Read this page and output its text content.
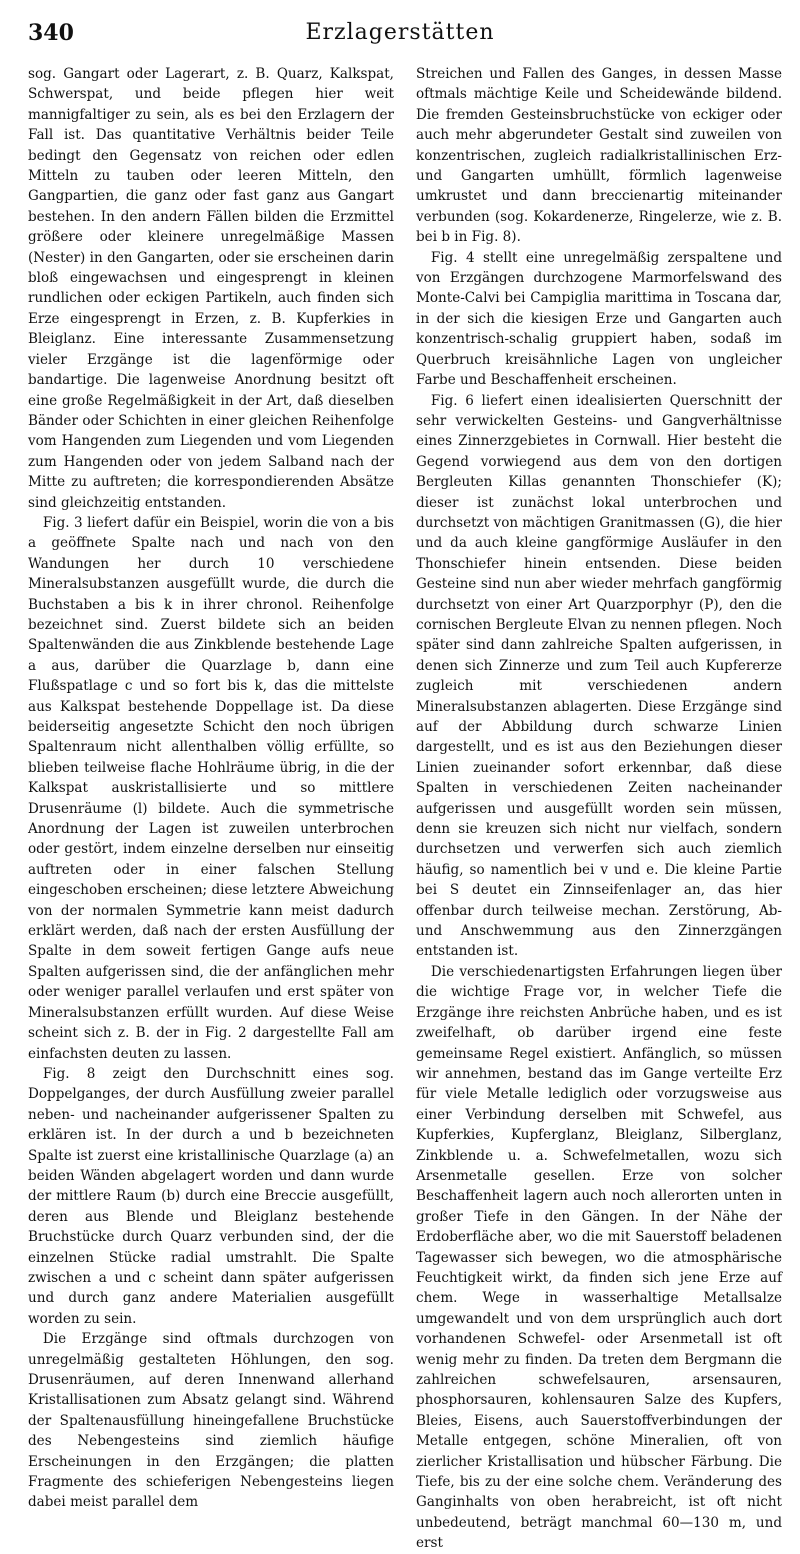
340	Erzlagerstätten

sog. Gangart oder Lagerart, z. B. Quarz, Kalkspat, Schwerspat, und beide pflegen hier weit mannigfaltiger zu sein, als es bei den Erzlagern der Fall ist. Das quantitative Verhältnis beider Teile bedingt den Gegensatz von reichen oder edlen Mitteln zu tauben oder leeren Mitteln, den Gangpartien, die ganz oder fast ganz aus Gangart bestehen. In den andern Fällen bilden die Erzmittel größere oder kleinere unregelmäßige Massen (Nester) in den Gangarten, oder sie erscheinen darin bloß eingewachsen und eingesprengt in kleinen rundlichen oder eckigen Partikeln, auch finden sich Erze eingesprengt in Erzen, z. B. Kupferkies in Bleiglanz. Eine interessante Zusammensetzung vieler Erzgänge ist die lagenförmige oder bandartige. Die lagenweise Anordnung besitzt oft eine große Regelmäßigkeit in der Art, daß dieselben Bänder oder Schichten in einer gleichen Reihenfolge vom Hangenden zum Liegenden und vom Liegenden zum Hangenden oder von jedem Salband nach der Mitte zu auftreten; die korrespondierenden Absätze sind gleichzeitig entstanden.

Fig. 3 liefert dafür ein Beispiel, worin die von a bis a geöffnete Spalte nach und nach von den Wandungen her durch 10 verschiedene Mineralsubstanzen ausgefüllt wurde, die durch die Buchstaben a bis k in ihrer chronol. Reihenfolge bezeichnet sind. Zuerst bildete sich an beiden Spaltenwänden die aus Zinkblende bestehende Lage a aus, darüber die Quarzlage b, dann eine Flußspatlage c und so fort bis k, das die mittelste aus Kalkspat bestehende Doppellage ist. Da diese beiderseitig angesetzte Schicht den noch übrigen Spaltenraum nicht allenthalben völlig erfüllte, so blieben teilweise flache Hohlräume übrig, in die der Kalkspat auskristallisierte und so mittlere Drusenräume (l) bildete. Auch die symmetrische Anordnung der Lagen ist zuweilen unterbrochen oder gestört, indem einzelne derselben nur einseitig auftreten oder in einer falschen Stellung eingeschoben erscheinen; diese letztere Abweichung von der normalen Symmetrie kann meist dadurch erklärt werden, daß nach der ersten Ausfüllung der Spalte in dem soweit fertigen Gange aufs neue Spalten aufgerissen sind, die der anfänglichen mehr oder weniger parallel verlaufen und erst später von Mineralsubstanzen erfüllt wurden. Auf diese Weise scheint sich z. B. der in Fig. 2 dargestellte Fall am einfachsten deuten zu lassen.

Fig. 8 zeigt den Durchschnitt eines sog. Doppelganges, der durch Ausfüllung zweier parallel neben- und nacheinander aufgerissener Spalten zu erklären ist. In der durch a und b bezeichneten Spalte ist zuerst eine kristallinische Quarzlage (a) an beiden Wänden abgelagert worden und dann wurde der mittlere Raum (b) durch eine Breccie ausgefüllt, deren aus Blende und Bleiglanz bestehende Bruchstücke durch Quarz verbunden sind, der die einzelnen Stücke radial umstrahlt. Die Spalte zwischen a und c scheint dann später aufgerissen und durch ganz andere Materialien ausgefüllt worden zu sein.

Die Erzgänge sind oftmals durchzogen von unregelmäßig gestalteten Höhlungen, den sog. Drusenräumen, auf deren Innenwand allerhand Kristallisationen zum Absatz gelangt sind. Während der Spaltenausfüllung hineingefallene Bruchstücke des Nebengesteins sind ziemlich häufige Erscheinungen in den Erzgängen; die platten Fragmente des schieferigen Nebengesteins liegen dabei meist parallel dem

Streichen und Fallen des Ganges, in dessen Masse oftmals mächtige Keile und Scheidewände bildend. Die fremden Gesteinsbruchstücke von eckiger oder auch mehr abgerundeter Gestalt sind zuweilen von konzentrischen, zugleich radialkristallinischen Erz- und Gangarten umhüllt, förmlich lagenweise umkrustet und dann breccienartig miteinander verbunden (sog. Kokardenerze, Ringelerze, wie z. B. bei b in Fig. 8).

Fig. 4 stellt eine unregelmäßig zerspaltene und von Erzgängen durchzogene Marmorfelswand des Monte-Calvi bei Campiglia marittima in Toscana dar, in der sich die kiesigen Erze und Gangarten auch konzentrisch-schalig gruppiert haben, sodaß im Querbruch kreisähnliche Lagen von ungleicher Farbe und Beschaffenheit erscheinen.

Fig. 6 liefert einen idealisierten Querschnitt der sehr verwickelten Gesteins- und Gangverhältnisse eines Zinnerzgebietes in Cornwall. Hier besteht die Gegend vorwiegend aus dem von den dortigen Bergleuten Killas genannten Thonschiefer (K); dieser ist zunächst lokal unterbrochen und durchsetzt von mächtigen Granitmassen (G), die hier und da auch kleine gangförmige Ausläufer in den Thonschiefer hinein entsenden. Diese beiden Gesteine sind nun aber wieder mehrfach gangförmig durchsetzt von einer Art Quarzporphyr (P), den die cornischen Bergleute Elvan zu nennen pflegen. Noch später sind dann zahlreiche Spalten aufgerissen, in denen sich Zinnerze und zum Teil auch Kupfererze zugleich mit verschiedenen andern Mineralsubstanzen ablagerten. Diese Erzgänge sind auf der Abbildung durch schwarze Linien dargestellt, und es ist aus den Beziehungen dieser Linien zueinander sofort erkennbar, daß diese Spalten in verschiedenen Zeiten nacheinander aufgerissen und ausgefüllt worden sein müssen, denn sie kreuzen sich nicht nur vielfach, sondern durchsetzen und verwerfen sich auch ziemlich häufig, so namentlich bei v und e. Die kleine Partie bei S deutet ein Zinnseifenlager an, das hier offenbar durch teilweise mechan. Zerstörung, Ab- und Anschwemmung aus den Zinnerzgängen entstanden ist.

Die verschiedenartigsten Erfahrungen liegen über die wichtige Frage vor, in welcher Tiefe die Erzgänge ihre reichsten Anbrüche haben, und es ist zweifelhaft, ob darüber irgend eine feste gemeinsame Regel existiert. Anfänglich, so müssen wir annehmen, bestand das im Gange verteilte Erz für viele Metalle lediglich oder vorzugsweise aus einer Verbindung derselben mit Schwefel, aus Kupferkies, Kupferglanz, Bleiglanz, Silberglanz, Zinkblende u. a. Schwefelmetallen, wozu sich Arsenmetalle gesellen. Erze von solcher Beschaffenheit lagern auch noch allerorten unten in großer Tiefe in den Gängen. In der Nähe der Erdoberfläche aber, wo die mit Sauerstoff beladenen Tagewasser sich bewegen, wo die atmosphärische Feuchtigkeit wirkt, da finden sich jene Erze auf chem. Wege in wasserhaltige Metallsalze umgewandelt und von dem ursprünglich auch dort vorhandenen Schwefel- oder Arsenmetall ist oft wenig mehr zu finden. Da treten dem Bergmann die zahlreichen schwefelsauren, arsensauren, phosphorsauren, kohlensauren Salze des Kupfers, Bleies, Eisens, auch Sauerstoffverbindungen der Metalle entgegen, schöne Mineralien, oft von zierlicher Kristallisation und hübscher Färbung. Die Tiefe, bis zu der eine solche chem. Veränderung des Ganginhalts von oben herabreicht, ist oft nicht unbedeutend, beträgt manchmal 60—130 m, und erst
